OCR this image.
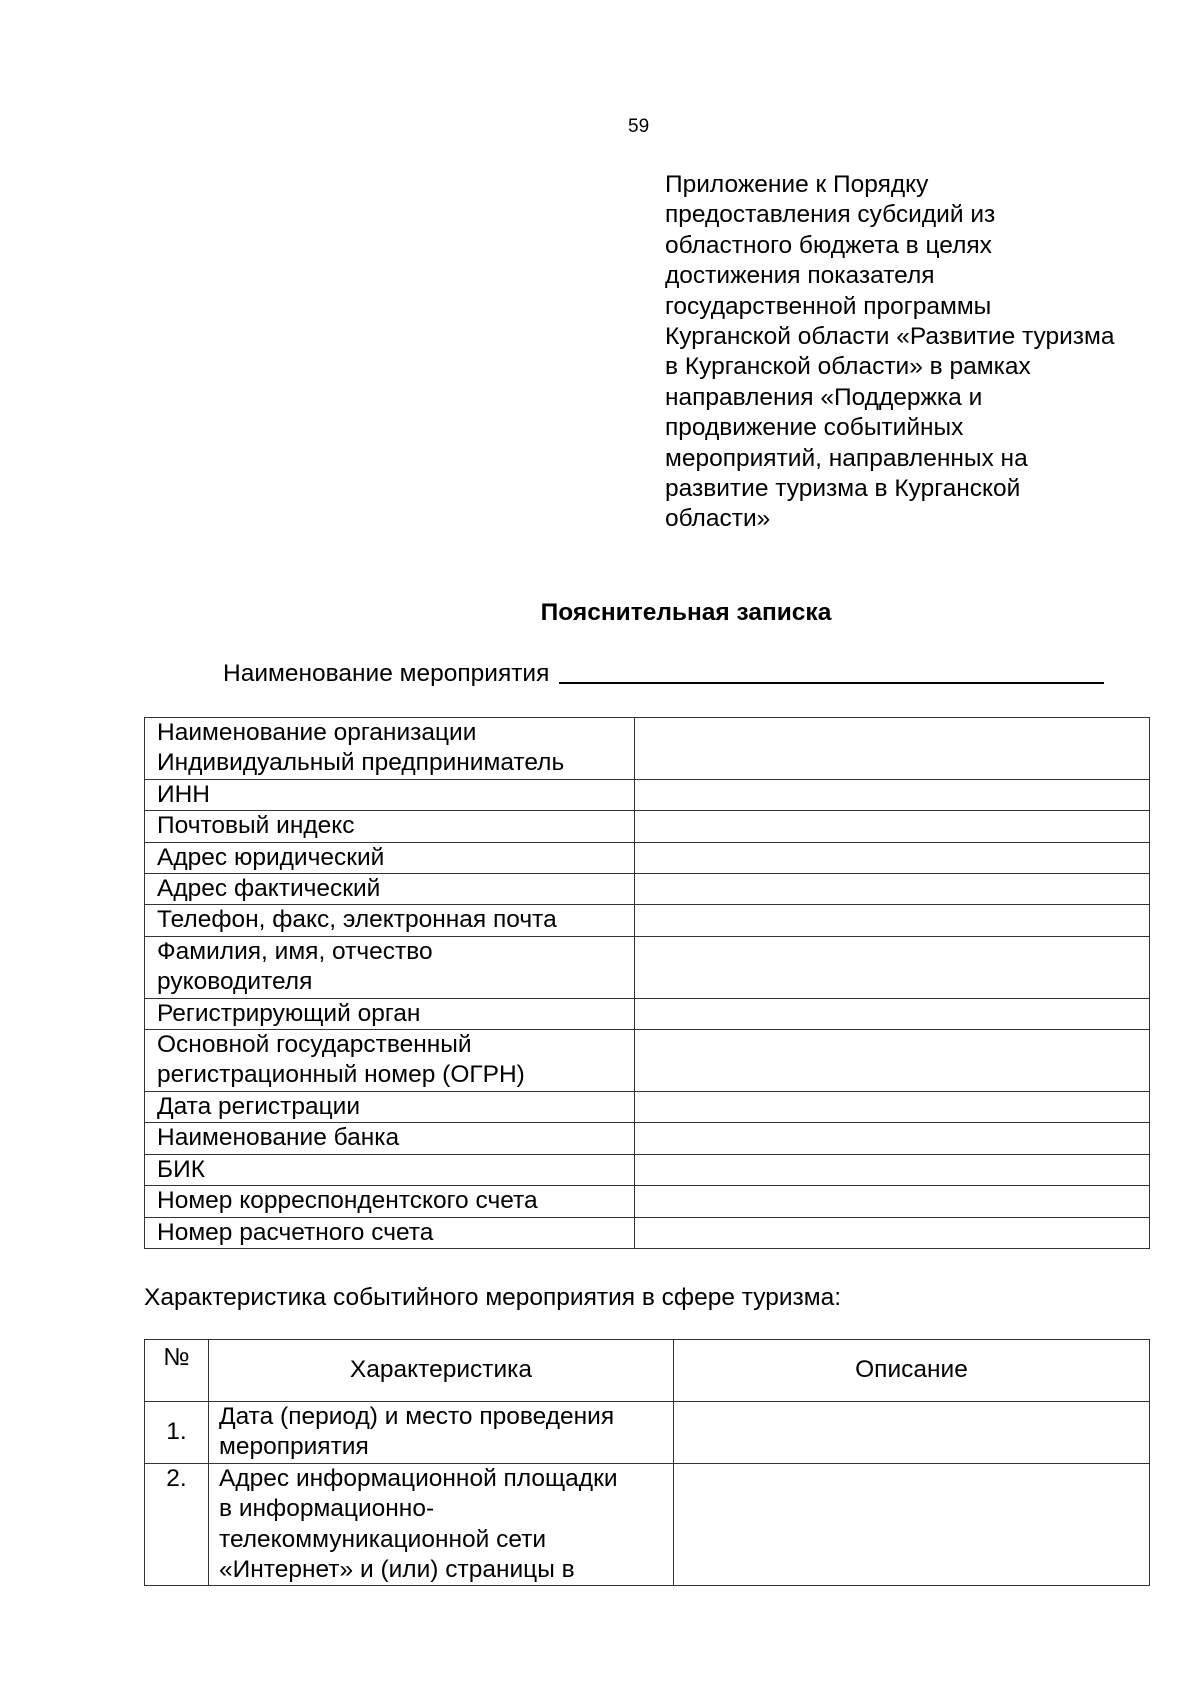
59
Приложение к Порядку
предоставления субсидий из
областного бюджета в целях
достижения показателя
государственной программы
Курганской области «Развитие туризма
в Курганской области» в рамках
направления «Поддержка и
продвижение событийных
мероприятий, направленных на
развитие туризма в Курганской
области»
Пояснительная записка
Наименование мероприятия
Наименование организации
Индивидуальный предприниматель	
ИНН	
Почтовый индекс	
Адрес юридический	
Адрес фактический	
Телефон, факс, электронная почта	
Фамилия, имя, отчество
руководителя	
Регистрирующий орган	
Основной государственный
регистрационный номер (ОГРН)	
Дата регистрации	
Наименование банка	
БИК	
Номер корреспондентского счета	
Номер расчетного счета	
Характеристика событийного мероприятия в сфере туризма:
№	Характеристика	Описание
1.	Дата (период) и место проведения
мероприятия	
2.	Адрес информационной площадки
в информационно-
телекоммуникационной сети
«Интернет» и (или) страницы в	
